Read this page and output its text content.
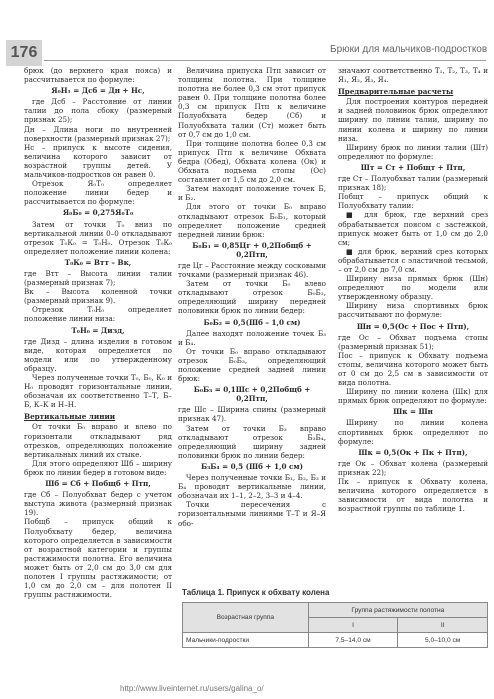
176	Брюки для мальчиков-подростков

брюк (до верхнего края пояса) и рассчитывается по формуле:

Я₀Н₁ = Дсб = Дн + Нс,

где Дсб – Расстояние от линии талии до пола сбоку (размерный признак 25);

Дн – Длина ноги по внутренней поверхности (размерный признак 27);

Нс – припуск к высоте сидения, величина которого зависит от возрастной группы детей. У мальчиков-подростков он равен 0.

Отрезок Я₀Т₀ определяет положение линии бедер и рассчитывается по формуле:

Я₀Б₀ = 0,275Я₀Т₀

Затем от точки Т₀ вниз по вертикальной линии 0–0 откладывают отрезок Т₀К₀ = Т₀Н₀. Отрезок Т₀К₀ определяет положение линии колена:

Т₀К₀ = Втт – Вк,

где Втт – Высота линии талии (размерный признак 7);

Вк – Высота коленной точки (размерный признак 9).

Отрезок Т₀Н₀ определяет положение линии низа:

Т₀Н₀ = Дизд,

где Дизд – длина изделия в готовом виде, которая определяется по модели или по утвержденному образцу.

Через полученные точки Т₀, Б₀, К₀ и Н₀ проводят горизонтальные линии, обозначая их соответственно Т–Т, Б–Б, К–К и Н–Н.

Вертикальные линии

От точки Б₀ вправо и влево по горизонтали откладывают ряд отрезков, определяющих положение вертикальных линий их стыке.

Для этого определяют Шб – ширину брюк по линии бедер в готовом виде:

Шб = Сб + Побщб + Птп,

где Сб – Полуобхват бедер с учетом выступа живота (размерный признак 19).

Побщб – припуск общий к Полуобхвату бедер, величина которого определяется в зависимости от возрастной категории и группы растяжимости полотна. Его величина может быть от 2,0 см до 3,0 см для полотен I группы растяжимости; от 1,0 см до 2,0 см – для полотен II группы растяжимости.

Величина припуска Птп зависит от толщины полотна. При толщине полотна не более 0,3 см этот припуск равен 0. При толщине полотна более 0,3 см припуск Птп к величине Полуобхвата бедер (Сб) и Полуобхвата талии (Ст) может быть от 0,7 см до 1,0 см.

При толщине полотна более 0,3 см припуск Птп к величине Обхвата бедра (Обед), Обхвата колена (Ок) и Обхвата подъема стопы (Ос) составляет от 1,5 см до 2,0 см.

Затем находят положение точек Б, и Б₂.

Для этого от точки Б₀ вправо откладывают отрезок Б₀Б₁, который определяет положение средней передней линии брюк:

Б₀Б₁ = 0,85Цг + 0,2Побщб + 0,2Птп,

где Цг – Расстояние между сосковыми точками (размерный признак 46).

Затем от точки Б₀ влево откладывают отрезок Б₀Б₂, определяющий ширину передней половинки брюк по линии бедер:

Б₀Б₂ = 0,5(Шб – 1,0 см)

Далее находят положение точек Б₃ и Б₄.

От точки Б₀ вправо откладывают отрезок Б₀Б₃, определяющий положение средней задней линии брюк:

Б₀Б₃ = 0,1Шс + 0,2Побщб + 0,2Птп,

где Шс – Ширина спины (размерный признак 47).

Затем от точки Б₃ вправо откладывают отрезок Б₃Б₄, определяющий ширину задней половинки брюк по линии бедер:

Б₃Б₄ = 0,5 (Шб + 1,0 см)

Через полученные точки Б₁, Б₂, Б₃ и Б₄ проводят вертикальные линии, обозначая их 1–1, 2–2, 3–3 и 4–4.

Точки пересечения с горизонтальными линиями Т–Т и Я–Я обо-

значают соответственно Т₁, Т₂, Т₃, Т₄ и Я₁, Я₂, Я₃, Я₄.

Предварительные расчеты

Для построения контуров передней и задней половинок брюк определяют ширину по линии талии, ширину по линии колена и ширину по линии низа.

Ширину брюк по линии талии (Шт) определяют по формуле:

Шт = Ст + Побщт + Птп,

где Ст – Полуобхват талии (размерный признак 18);

Побщт – припуск общий к Полуобхвату талии:

■ для брюк, где верхний срез обрабатывается поясом с застежкой, припуск может быть от 1,0 см до 2,0 см;

■ для брюк, верхний срез которых обрабатывается с эластичной тесьмой, – от 2,0 см до 7,0 см.

Ширину низа прямых брюк (Шн) определяют по модели или утвержденному образцу.

Ширину низа спортивных брюк рассчитывают по формуле:

Шн = 0,5(Ос + Пос + Птп),

где Ос – Обхват подъема стопы (размерный признак 51);

Пос – припуск к Обхвату подъема стопы, величина которого может быть от 0 см до 2,5 см в зависимости от вида полотна.

Ширину по линии колена (Шк) для прямых брюк определяют по формуле:

Шк = Шн

Ширину по линии колена спортивных брюк определяют по формуле:

Шк = 0,5(Ок + Пк + Птп),

где Ок – Обхват колена (размерный признак 22);

Пк – припуск к Обхвату колена, величина которого определяется в зависимости от вида полотна и возрастной группы по таблице 1.

Таблица 1. Припуск к обхвату колена
Возрастная группа	Группа растяжимости полотна	
	I	II
Мальчики-подростки	7,5–14,0 см	5,0–10,0 см
http://www.liveinternet.ru/users/galina_o/
